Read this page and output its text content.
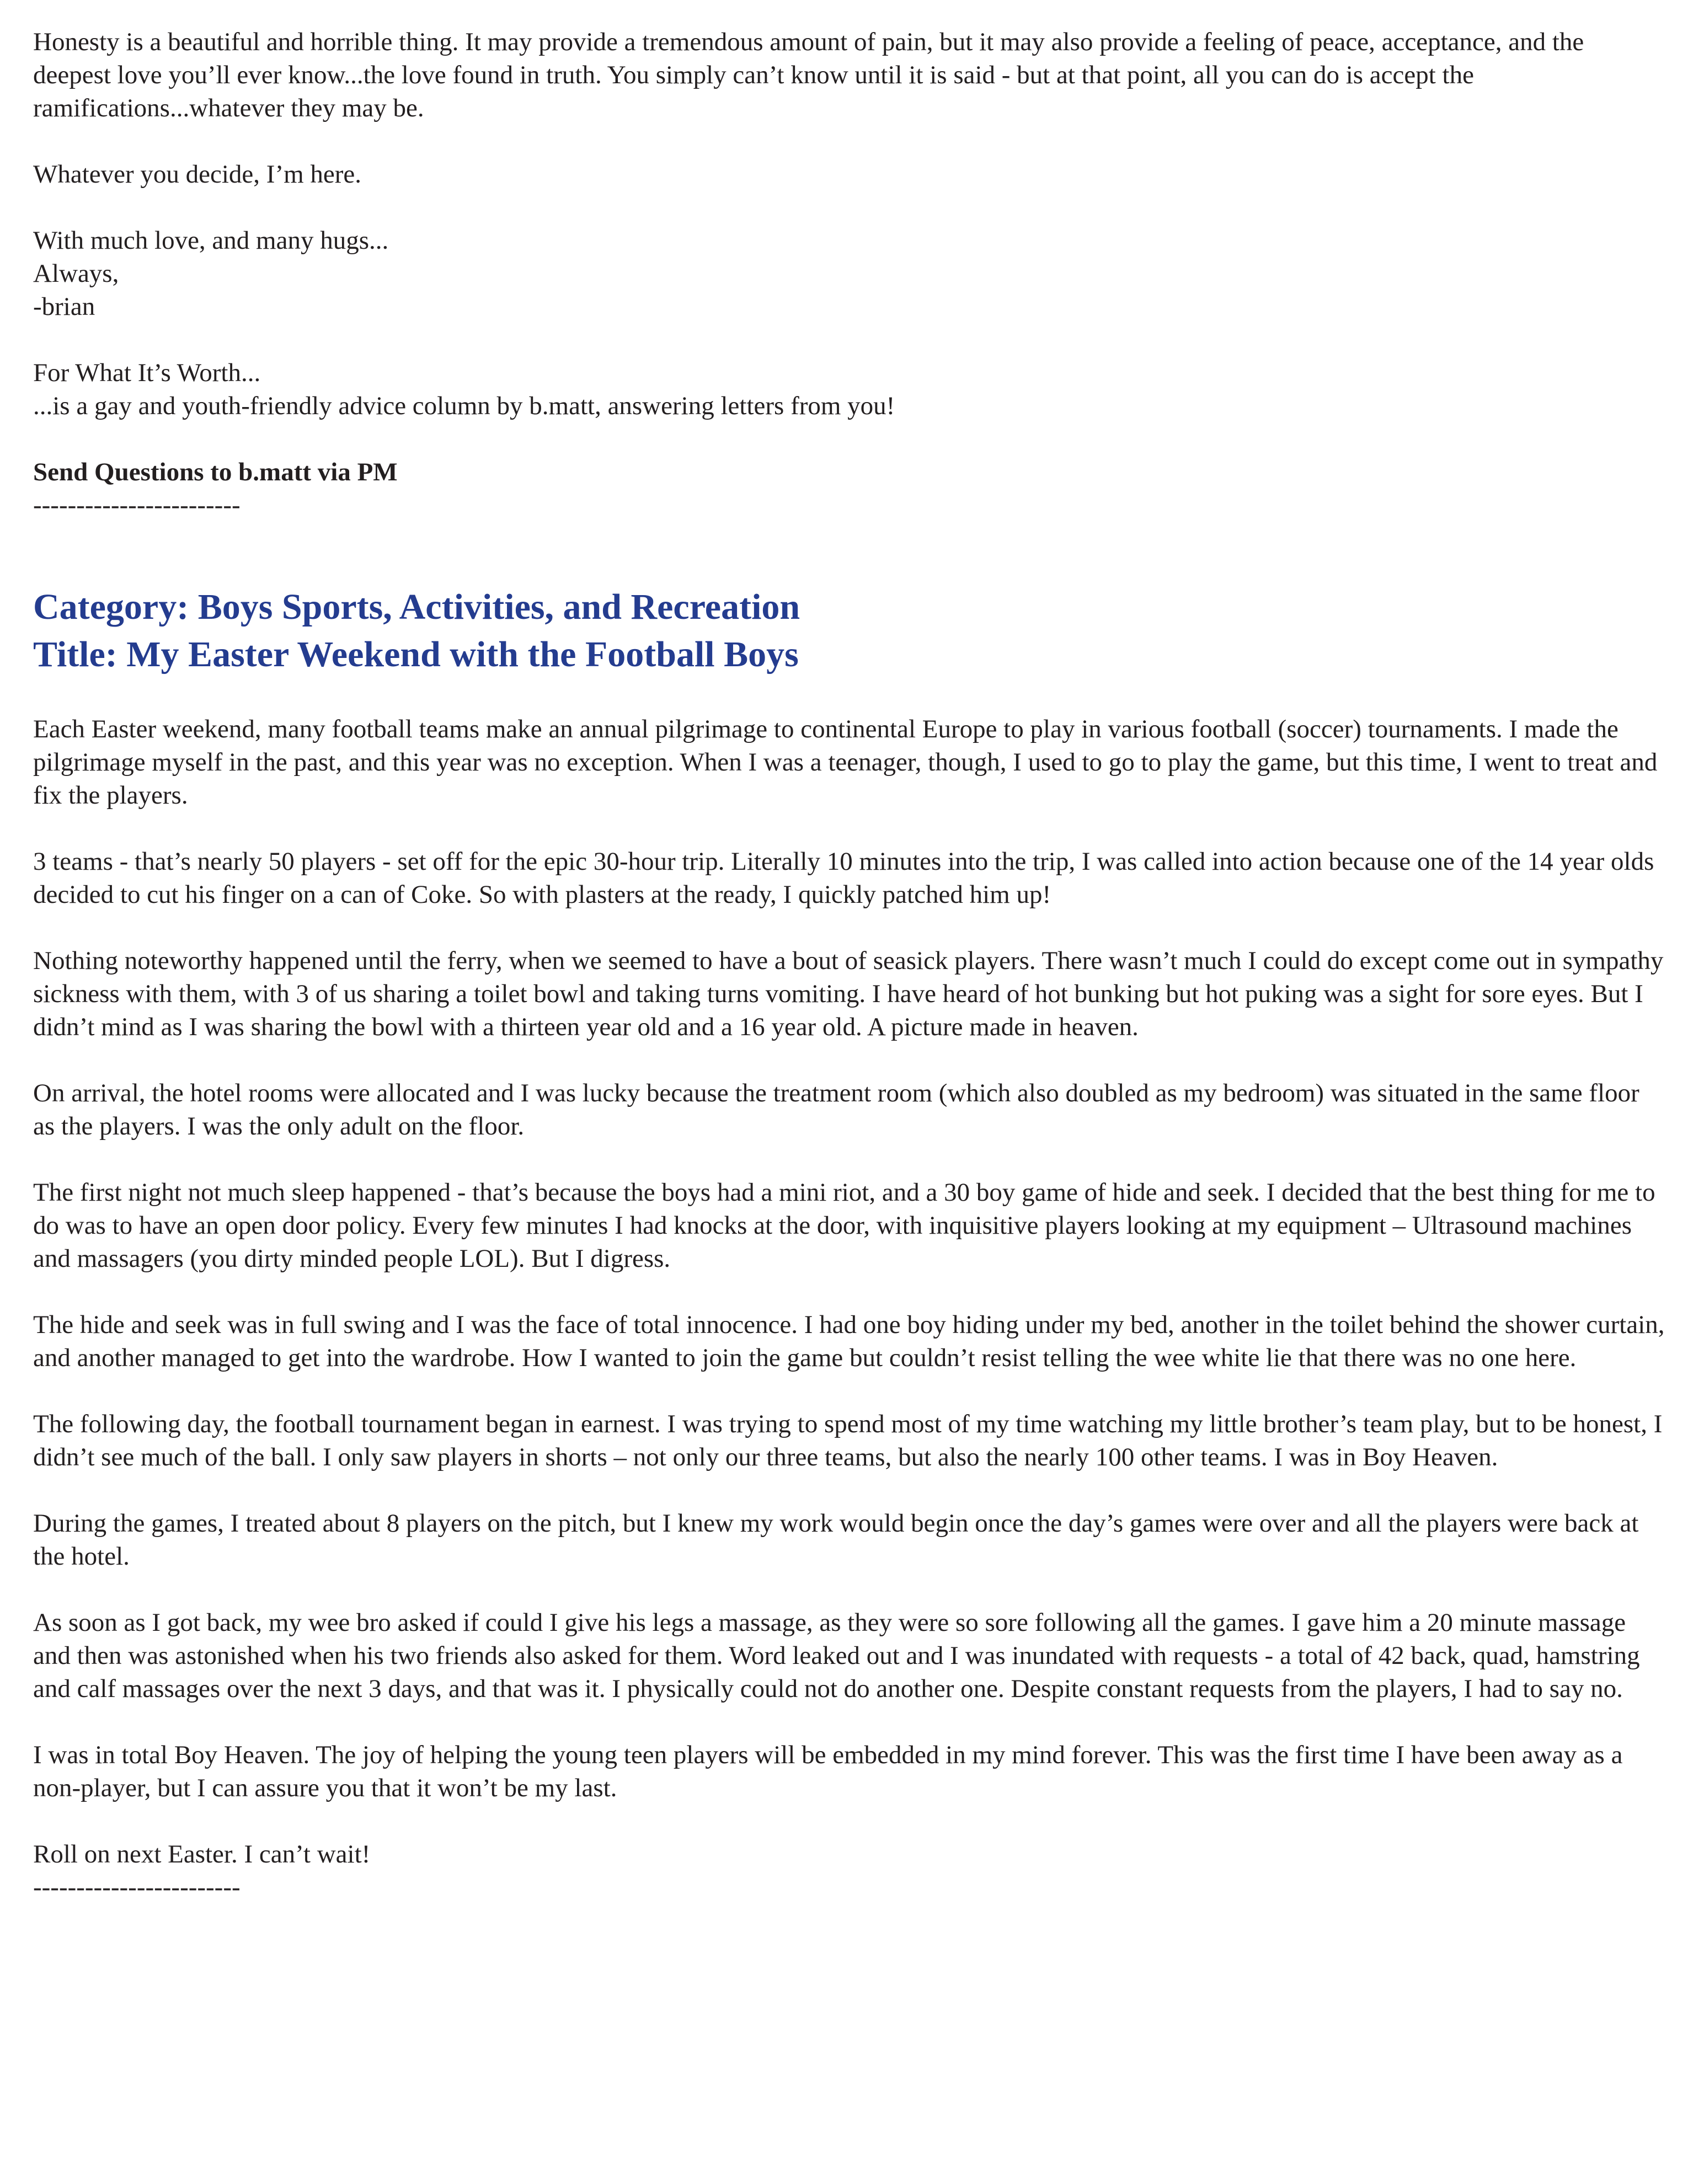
Honesty is a beautiful and horrible thing. It may provide a tremendous amount of pain, but it may also provide a feeling of peace, acceptance, and the deepest love you’ll ever know...the love found in truth. You simply can’t know until it is said - but at that point, all you can do is accept the ramifications...whatever they may be.

Whatever you decide, I’m here.

With much love, and many hugs...
Always,
-brian
For What It’s Worth...
...is a gay and youth-friendly advice column by b.matt, answering letters from you!
Send Questions to b.matt via PM
------------------------
Category: Boys Sports, Activities, and Recreation
Title: My Easter Weekend with the Football Boys

Each Easter weekend, many football teams make an annual pilgrimage to continental Europe to play in various football (soccer) tournaments. I made the pilgrimage myself in the past, and this year was no exception. When I was a teenager, though, I used to go to play the game, but this time, I went to treat and fix the players.

3 teams - that’s nearly 50 players - set off for the epic 30-hour trip. Literally 10 minutes into the trip, I was called into action because one of the 14 year olds decided to cut his finger on a can of Coke. So with plasters at the ready, I quickly patched him up!

Nothing noteworthy happened until the ferry, when we seemed to have a bout of seasick players. There wasn’t much I could do except come out in sympathy sickness with them, with 3 of us sharing a toilet bowl and taking turns vomiting. I have heard of hot bunking but hot puking was a sight for sore eyes. But I didn’t mind as I was sharing the bowl with a thirteen year old and a 16 year old. A picture made in heaven.

On arrival, the hotel rooms were allocated and I was lucky because the treatment room (which also doubled as my bedroom) was situated in the same floor as the players. I was the only adult on the floor.

The first night not much sleep happened - that’s because the boys had a mini riot, and a 30 boy game of hide and seek. I decided that the best thing for me to do was to have an open door policy. Every few minutes I had knocks at the door, with inquisitive players looking at my equipment – Ultrasound machines and massagers (you dirty minded people LOL). But I digress.

The hide and seek was in full swing and I was the face of total innocence. I had one boy hiding under my bed, another in the toilet behind the shower curtain, and another managed to get into the wardrobe. How I wanted to join the game but couldn’t resist telling the wee white lie that there was no one here.

The following day, the football tournament began in earnest. I was trying to spend most of my time watching my little brother’s team play, but to be honest, I didn’t see much of the ball. I only saw players in shorts – not only our three teams, but also the nearly 100 other teams. I was in Boy Heaven.

During the games, I treated about 8 players on the pitch, but I knew my work would begin once the day’s games were over and all the players were back at the hotel.

As soon as I got back, my wee bro asked if could I give his legs a massage, as they were so sore following all the games. I gave him a 20 minute massage and then was astonished when his two friends also asked for them. Word leaked out and I was inundated with requests - a total of 42 back, quad, hamstring and calf massages over the next 3 days, and that was it. I physically could not do another one. Despite constant requests from the players, I had to say no.

I was in total Boy Heaven. The joy of helping the young teen players will be embedded in my mind forever. This was the first time I have been away as a non-player, but I can assure you that it won’t be my last.

Roll on next Easter. I can’t wait!
------------------------
